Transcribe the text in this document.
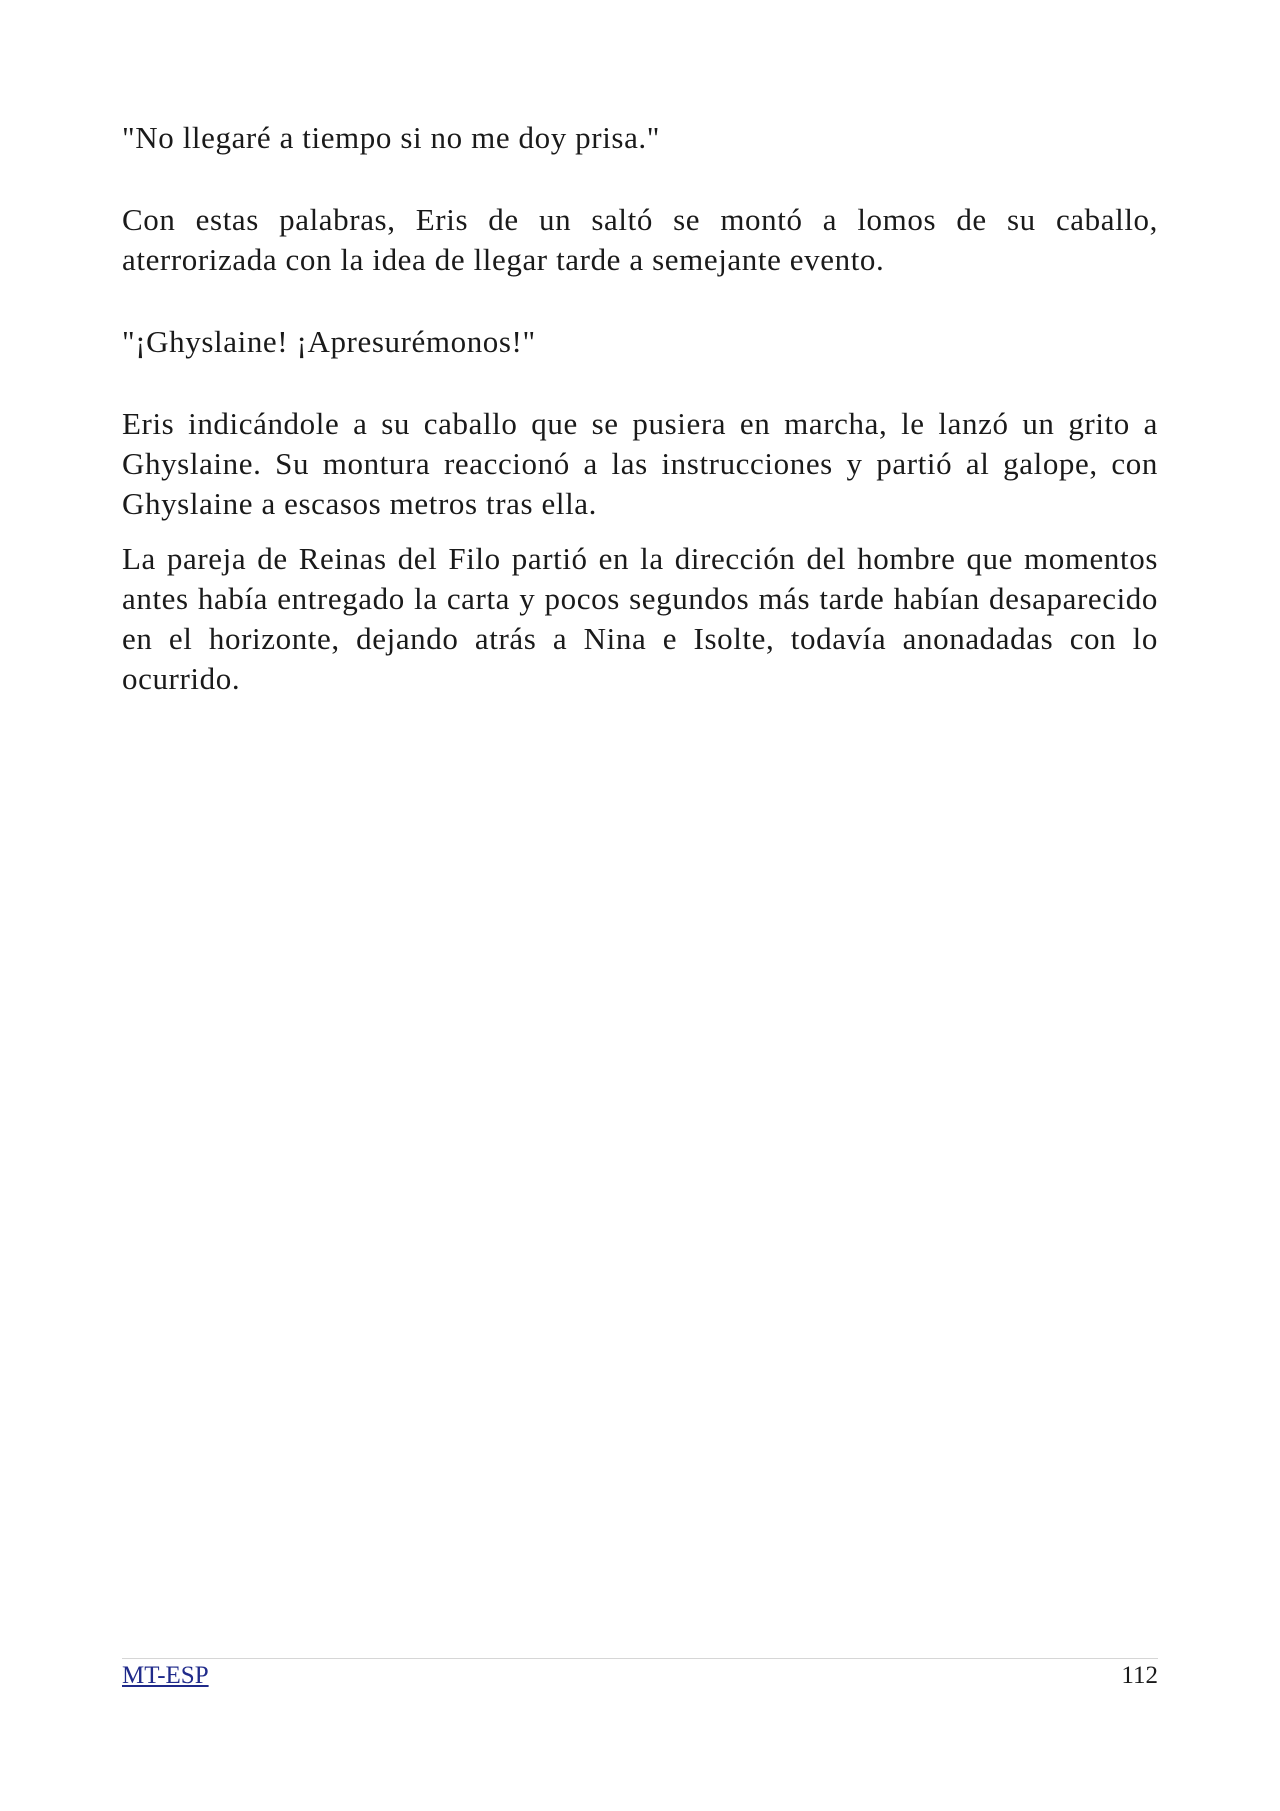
"No llegaré a tiempo si no me doy prisa."

Con estas palabras, Eris de un saltó se montó a lomos de su caballo, aterrorizada con la idea de llegar tarde a semejante evento.

"¡Ghyslaine! ¡Apresurémonos!"

Eris indicándole a su caballo que se pusiera en marcha, le lanzó un grito a Ghyslaine. Su montura reaccionó a las instrucciones y partió al galope, con Ghyslaine a escasos metros tras ella.

La pareja de Reinas del Filo partió en la dirección del hombre que momentos antes había entregado la carta y pocos segundos más tarde habían desaparecido en el horizonte, dejando atrás a Nina e Isolte, todavía anonadadas con lo ocurrido.

MT-ESP	112
